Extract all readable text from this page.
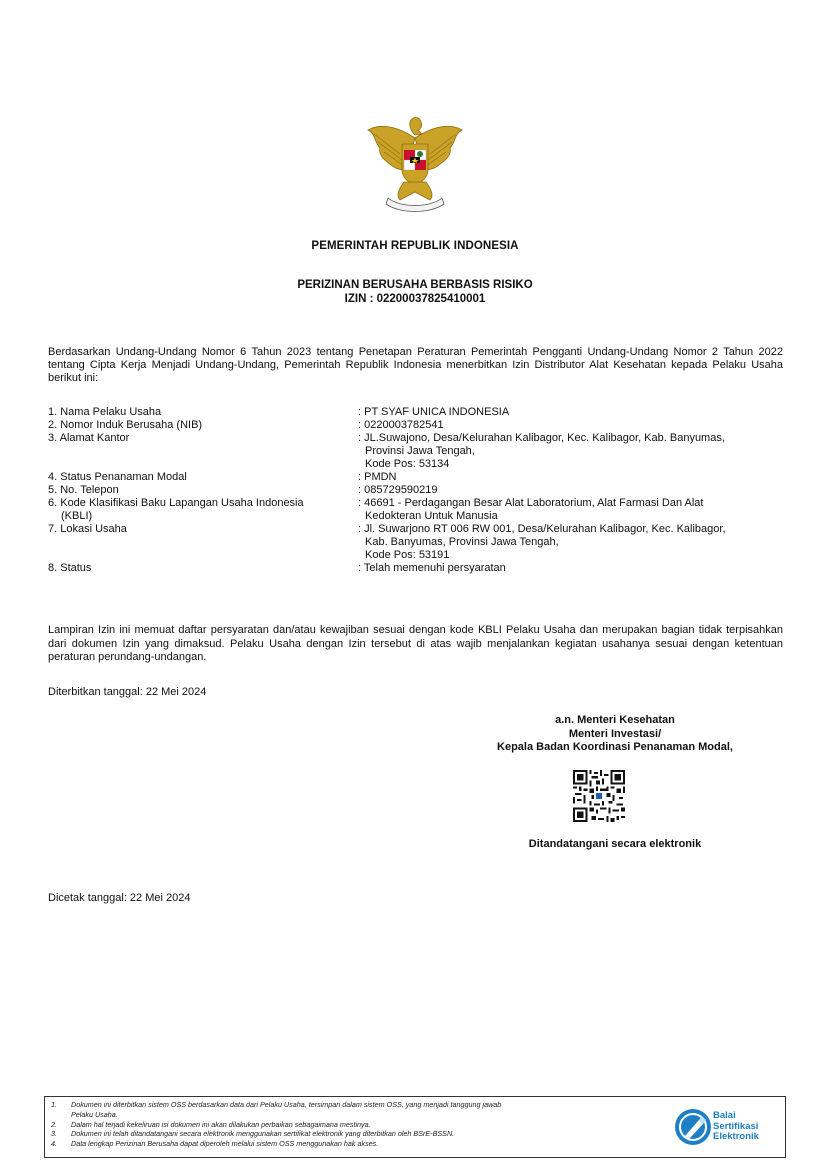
PEMERINTAH REPUBLIK INDONESIA
PERIZINAN BERUSAHA BERBASIS RISIKO
IZIN : 02200037825410001
Berdasarkan Undang-Undang Nomor 6 Tahun 2023 tentang Penetapan Peraturan Pemerintah Pengganti Undang-Undang Nomor 2 Tahun 2022 tentang Cipta Kerja Menjadi Undang-Undang, Pemerintah Republik Indonesia menerbitkan Izin Distributor Alat Kesehatan kepada Pelaku Usaha berikut ini:
1. Nama Pelaku Usaha	: PT SYAF UNICA INDONESIA
2. Nomor Induk Berusaha (NIB)	: 0220003782541
3. Alamat Kantor	: JL.Suwajono, Desa/Kelurahan Kalibagor, Kec. Kalibagor, Kab. Banyumas,
Provinsi Jawa Tengah,
Kode Pos: 53134
4. Status Penanaman Modal	: PMDN
5. No. Telepon	: 085729590219
6. Kode Klasifikasi Baku Lapangan Usaha Indonesia
(KBLI)
: 46691 - Perdagangan Besar Alat Laboratorium, Alat Farmasi Dan Alat
Kedokteran Untuk Manusia
7. Lokasi Usaha	: Jl. Suwarjono RT 006 RW 001, Desa/Kelurahan Kalibagor, Kec. Kalibagor,
Kab. Banyumas, Provinsi Jawa Tengah,
Kode Pos: 53191
8. Status	: Telah memenuhi persyaratan
Lampiran Izin ini memuat daftar persyaratan dan/atau kewajiban sesuai dengan kode KBLI Pelaku Usaha dan merupakan bagian tidak terpisahkan dari dokumen Izin yang dimaksud. Pelaku Usaha dengan Izin tersebut di atas wajib menjalankan kegiatan usahanya sesuai dengan ketentuan peraturan perundang-undangan.
Diterbitkan tanggal: 22 Mei 2024
a.n. Menteri Kesehatan
Menteri Investasi/
Kepala Badan Koordinasi Penanaman Modal,
Ditandatangani secara elektronik
Dicetak tanggal: 22 Mei 2024
1.	Dokumen ini diterbitkan sistem OSS berdasarkan data dari Pelaku Usaha, tersimpan dalam sistem OSS, yang menjadi tanggung jawab
Pelaku Usaha.
2.	Dalam hal terjadi kekeliruan isi dokumen ini akan dilakukan perbaikan sebagaimana mestinya.
3.	Dokumen ini telah ditandatangani secara elektronik menggunakan sertifikat elektronik yang diterbitkan oleh BSrE-BSSN.
4.	Data lengkap Perizinan Berusaha dapat diperoleh melalui sistem OSS menggunakan hak akses.
Balai
Sertifikasi
Elektronik
